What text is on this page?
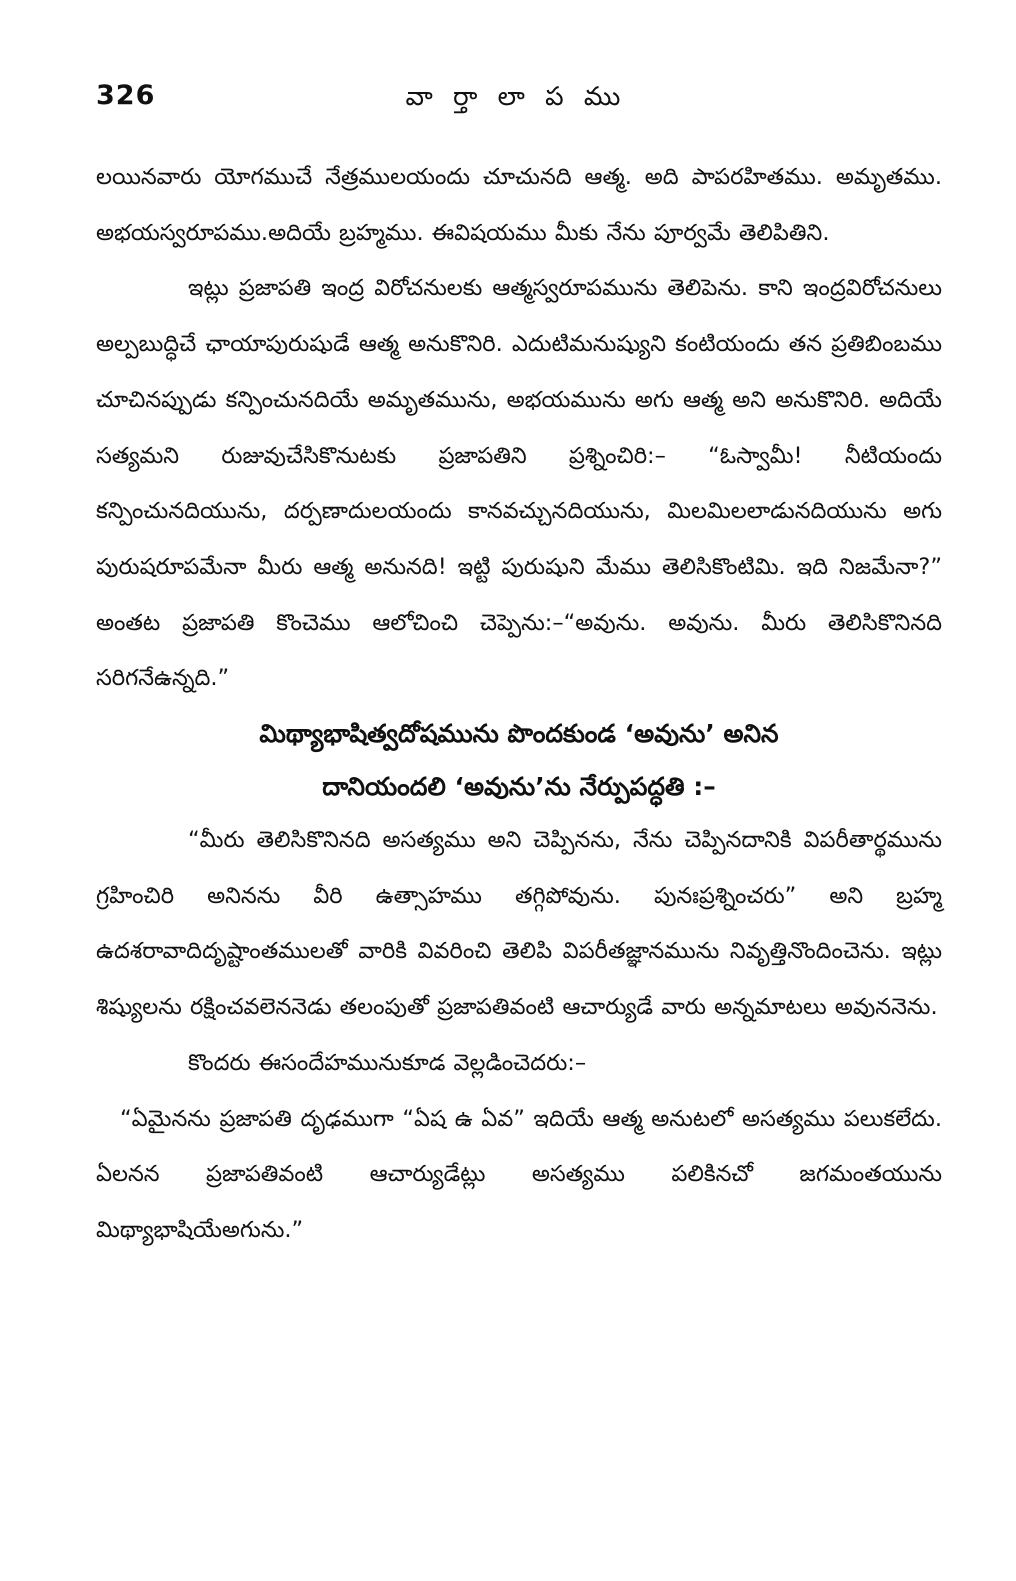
326	వా ర్తా లా ప ము

లయినవారు యోగముచే నేత్రములయందు చూచునది ఆత్మ. అది పాపరహితము. అమృతము. అభయస్వరూపము.అదియే బ్రహ్మము. ఈవిషయము మీకు నేను పూర్వమే తెలిపితిని.

ఇట్లు ప్రజాపతి ఇంద్ర విరోచనులకు ఆత్మస్వరూపమును తెలిపెను. కాని ఇంద్రవిరోచనులు అల్పబుద్ధిచే ఛాయాపురుషుడే ఆత్మ అనుకొనిరి. ఎదుటిమనుష్యుని కంటియందు తన ప్రతిబింబము చూచినప్పుడు కన్పించునదియే అమృతమును, అభయమును అగు ఆత్మ అని అనుకొనిరి. అదియే సత్యమని రుజువుచేసికొనుటకు ప్రజాపతిని ప్రశ్నించిరి:– “ఓస్వామీ! నీటియందు కన్పించునదియును, దర్పణాదులయందు కానవచ్చునదియును, మిలమిలలాడునదియును అగు పురుషరూపమేనా మీరు ఆత్మ అనునది! ఇట్టి పురుషుని మేము తెలిసికొంటిమి. ఇది నిజమేనా?” అంతట ప్రజాపతి కొంచెము ఆలోచించి చెప్పెను:–“అవును. అవును. మీరు తెలిసికొనినది సరిగనేఉన్నది.”

మిథ్యాభాషిత్వదోషమును పొందకుండ ‘అవును’ అనిన
దానియందలి ‘అవును’ను నేర్పుపద్ధతి :–

“మీరు తెలిసికొనినది అసత్యము అని చెప్పినను, నేను చెప్పినదానికి విపరీతార్థమును గ్రహించిరి అనినను వీరి ఉత్సాహము తగ్గిపోవును. పునఃప్రశ్నించరు” అని బ్రహ్మ ఉదశరావాదిదృష్టాంతములతో వారికి వివరించి తెలిపి విపరీతజ్ఞానమును నివృత్తినొందించెను. ఇట్లు శిష్యులను రక్షించవలెననెడు తలంపుతో ప్రజాపతివంటి ఆచార్యుడే వారు అన్నమాటలు అవుననెను.

కొందరు ఈసందేహమునుకూడ వెల్లడించెదరు:–

“ఏమైనను ప్రజాపతి దృఢముగా “ఏష ఉ ఏవ” ఇదియే ఆత్మ అనుటలో అసత్యము పలుకలేదు. ఏలనన ప్రజాపతివంటి ఆచార్యుడేట్లు అసత్యము పలికినచో జగమంతయును మిథ్యాభాషియేఅగును.”
